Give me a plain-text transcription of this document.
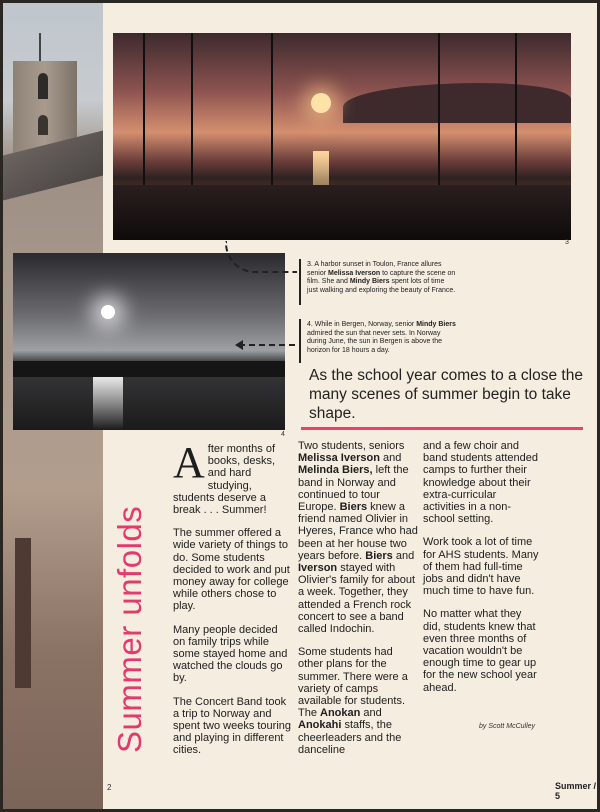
3
4
3. A harbor sunset in Toulon, France allures senior Melissa Iverson to capture the scene on film. She and Mindy Biers spent lots of time just walking and exploring the beauty of France.
4. While in Bergen, Norway, senior Mindy Biers admired the sun that never sets. In Norway during June, the sun in Bergen is above the horizon for 18 hours a day.
As the school year comes to a close the many scenes of summer begin to take shape.
Summer unfolds

After months of books, desks, and hard studying, students deserve a break . . . Summer!

The summer offered a wide variety of things to do. Some students decided to work and put money away for college while others chose to play.

Many people decided on family trips while some stayed home and watched the clouds go by.

The Concert Band took a trip to Norway and spent two weeks touring and playing in different cities.

Two students, seniors Melissa Iverson and Melinda Biers, left the band in Norway and continued to tour Europe. Biers knew a friend named Olivier in Hyeres, France who had been at her house two years before. Biers and Iverson stayed with Olivier's family for about a week. Together, they attended a French rock concert to see a band called Indochin.

Some students had other plans for the summer. There were a variety of camps available for students. The Anokan and Anokahi staffs, the cheerleaders and the danceline

and a few choir and band students attended camps to further their knowledge about their extra-curricular activities in a non-school setting.

Work took a lot of time for AHS students. Many of them had full-time jobs and didn't have much time to have fun.

No matter what they did, students knew that even three months of vacation wouldn't be enough time to gear up for the new school year ahead.

by Scott McCulley
2	Summer / 5
